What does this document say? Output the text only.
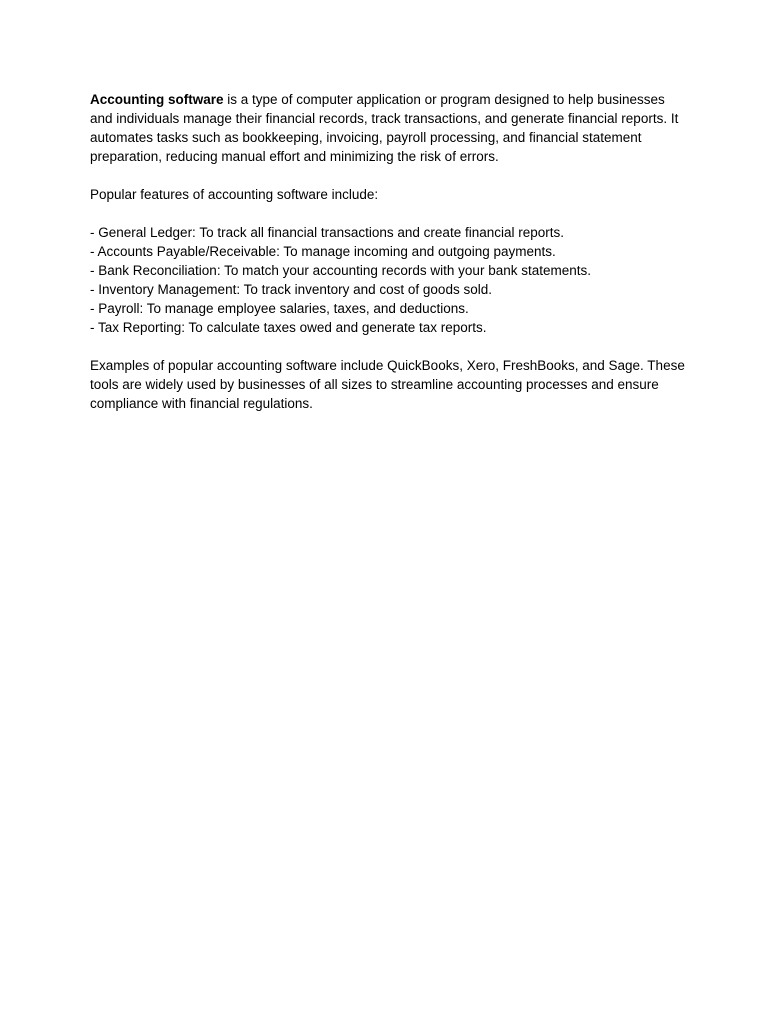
Accounting software is a type of computer application or program designed to help businesses and individuals manage their financial records, track transactions, and generate financial reports. It automates tasks such as bookkeeping, invoicing, payroll processing, and financial statement preparation, reducing manual effort and minimizing the risk of errors.

Popular features of accounting software include:

- General Ledger: To track all financial transactions and create financial reports.
- Accounts Payable/Receivable: To manage incoming and outgoing payments.
- Bank Reconciliation: To match your accounting records with your bank statements.
- Inventory Management: To track inventory and cost of goods sold.
- Payroll: To manage employee salaries, taxes, and deductions.
- Tax Reporting: To calculate taxes owed and generate tax reports.

Examples of popular accounting software include QuickBooks, Xero, FreshBooks, and Sage. These tools are widely used by businesses of all sizes to streamline accounting processes and ensure compliance with financial regulations.
